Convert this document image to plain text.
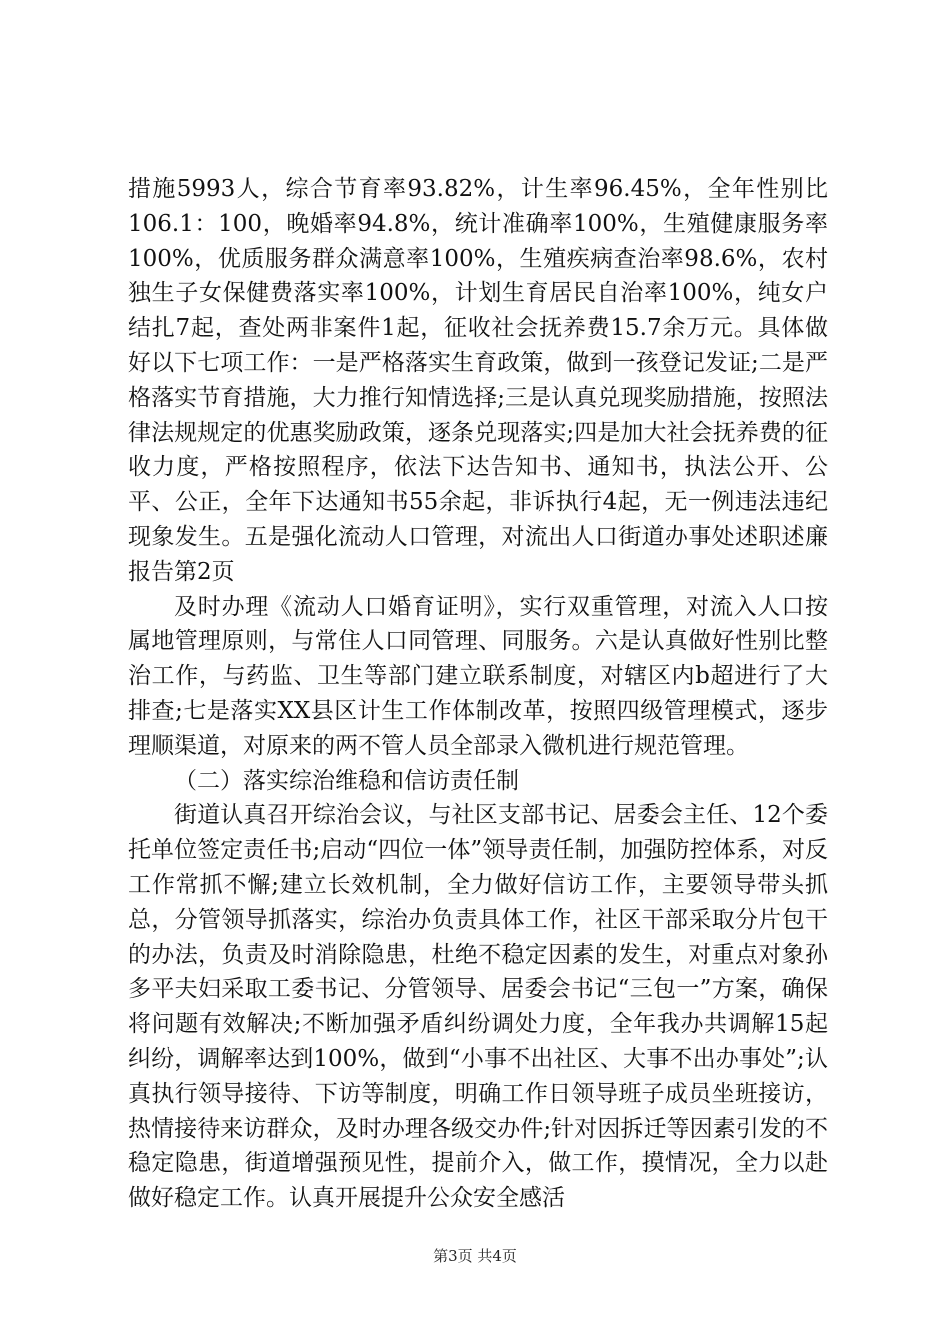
措施5993人，综合节育率93.82%，计生率96.45%，全年性别比106.1：100，晚婚率94.8%，统计准确率100%，生殖健康服务率100%，优质服务群众满意率100%，生殖疾病查治率98.6%，农村独生子女保健费落实率100%，计划生育居民自治率100%，纯女户结扎7起，查处两非案件1起，征收社会抚养费15.7余万元。具体做好以下七项工作：一是严格落实生育政策，做到一孩登记发证;二是严格落实节育措施，大力推行知情选择;三是认真兑现奖励措施，按照法律法规规定的优惠奖励政策，逐条兑现落实;四是加大社会抚养费的征收力度，严格按照程序，依法下达告知书、通知书，执法公开、公平、公正，全年下达通知书55余起，非诉执行4起，无一例违法违纪现象发生。五是强化流动人口管理，对流出人口街道办事处述职述廉报告第2页

及时办理《流动人口婚育证明》，实行双重管理，对流入人口按属地管理原则，与常住人口同管理、同服务。六是认真做好性别比整治工作，与药监、卫生等部门建立联系制度，对辖区内b超进行了大排查;七是落实XX县区计生工作体制改革，按照四级管理模式，逐步理顺渠道，对原来的两不管人员全部录入微机进行规范管理。

（二）落实综治维稳和信访责任制

街道认真召开综治会议，与社区支部书记、居委会主任、12个委托单位签定责任书;启动“四位一体”领导责任制，加强防控体系，对反工作常抓不懈;建立长效机制，全力做好信访工作，主要领导带头抓总，分管领导抓落实，综治办负责具体工作，社区干部采取分片包干的办法，负责及时消除隐患，杜绝不稳定因素的发生，对重点对象孙多平夫妇采取工委书记、分管领导、居委会书记“三包一”方案，确保将问题有效解决;不断加强矛盾纠纷调处力度，全年我办共调解15起纠纷，调解率达到100%，做到“小事不出社区、大事不出办事处”;认真执行领导接待、下访等制度，明确工作日领导班子成员坐班接访，热情接待来访群众，及时办理各级交办件;针对因拆迁等因素引发的不稳定隐患，街道增强预见性，提前介入，做工作，摸情况，全力以赴做好稳定工作。认真开展提升公众安全感活

第3页 共4页
